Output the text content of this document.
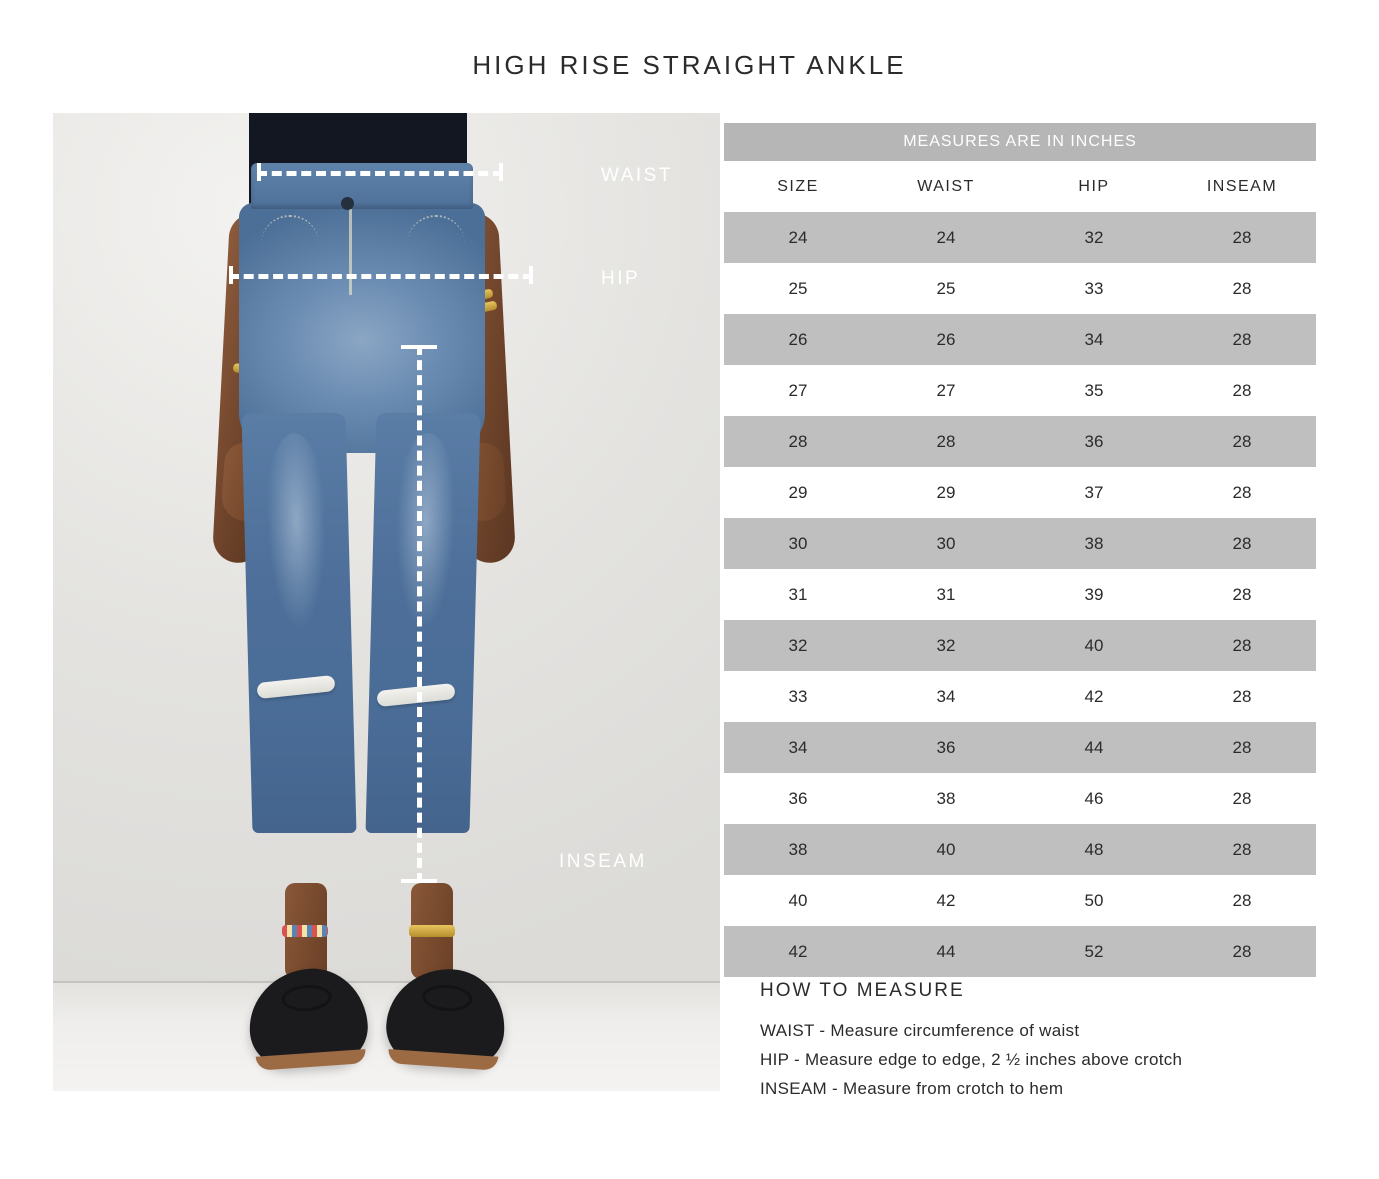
HIGH RISE STRAIGHT ANKLE
WAIST
HIP
INSEAM
MEASURES ARE IN INCHES
SIZE	WAIST	HIP	INSEAM
24	24	32	28
25	25	33	28
26	26	34	28
27	27	35	28
28	28	36	28
29	29	37	28
30	30	38	28
31	31	39	28
32	32	40	28
33	34	42	28
34	36	44	28
36	38	46	28
38	40	48	28
40	42	50	28
42	44	52	28
HOW TO MEASURE
WAIST - Measure circumference of waist
HIP - Measure edge to edge, 2 ½ inches above crotch
INSEAM - Measure from crotch to hem
